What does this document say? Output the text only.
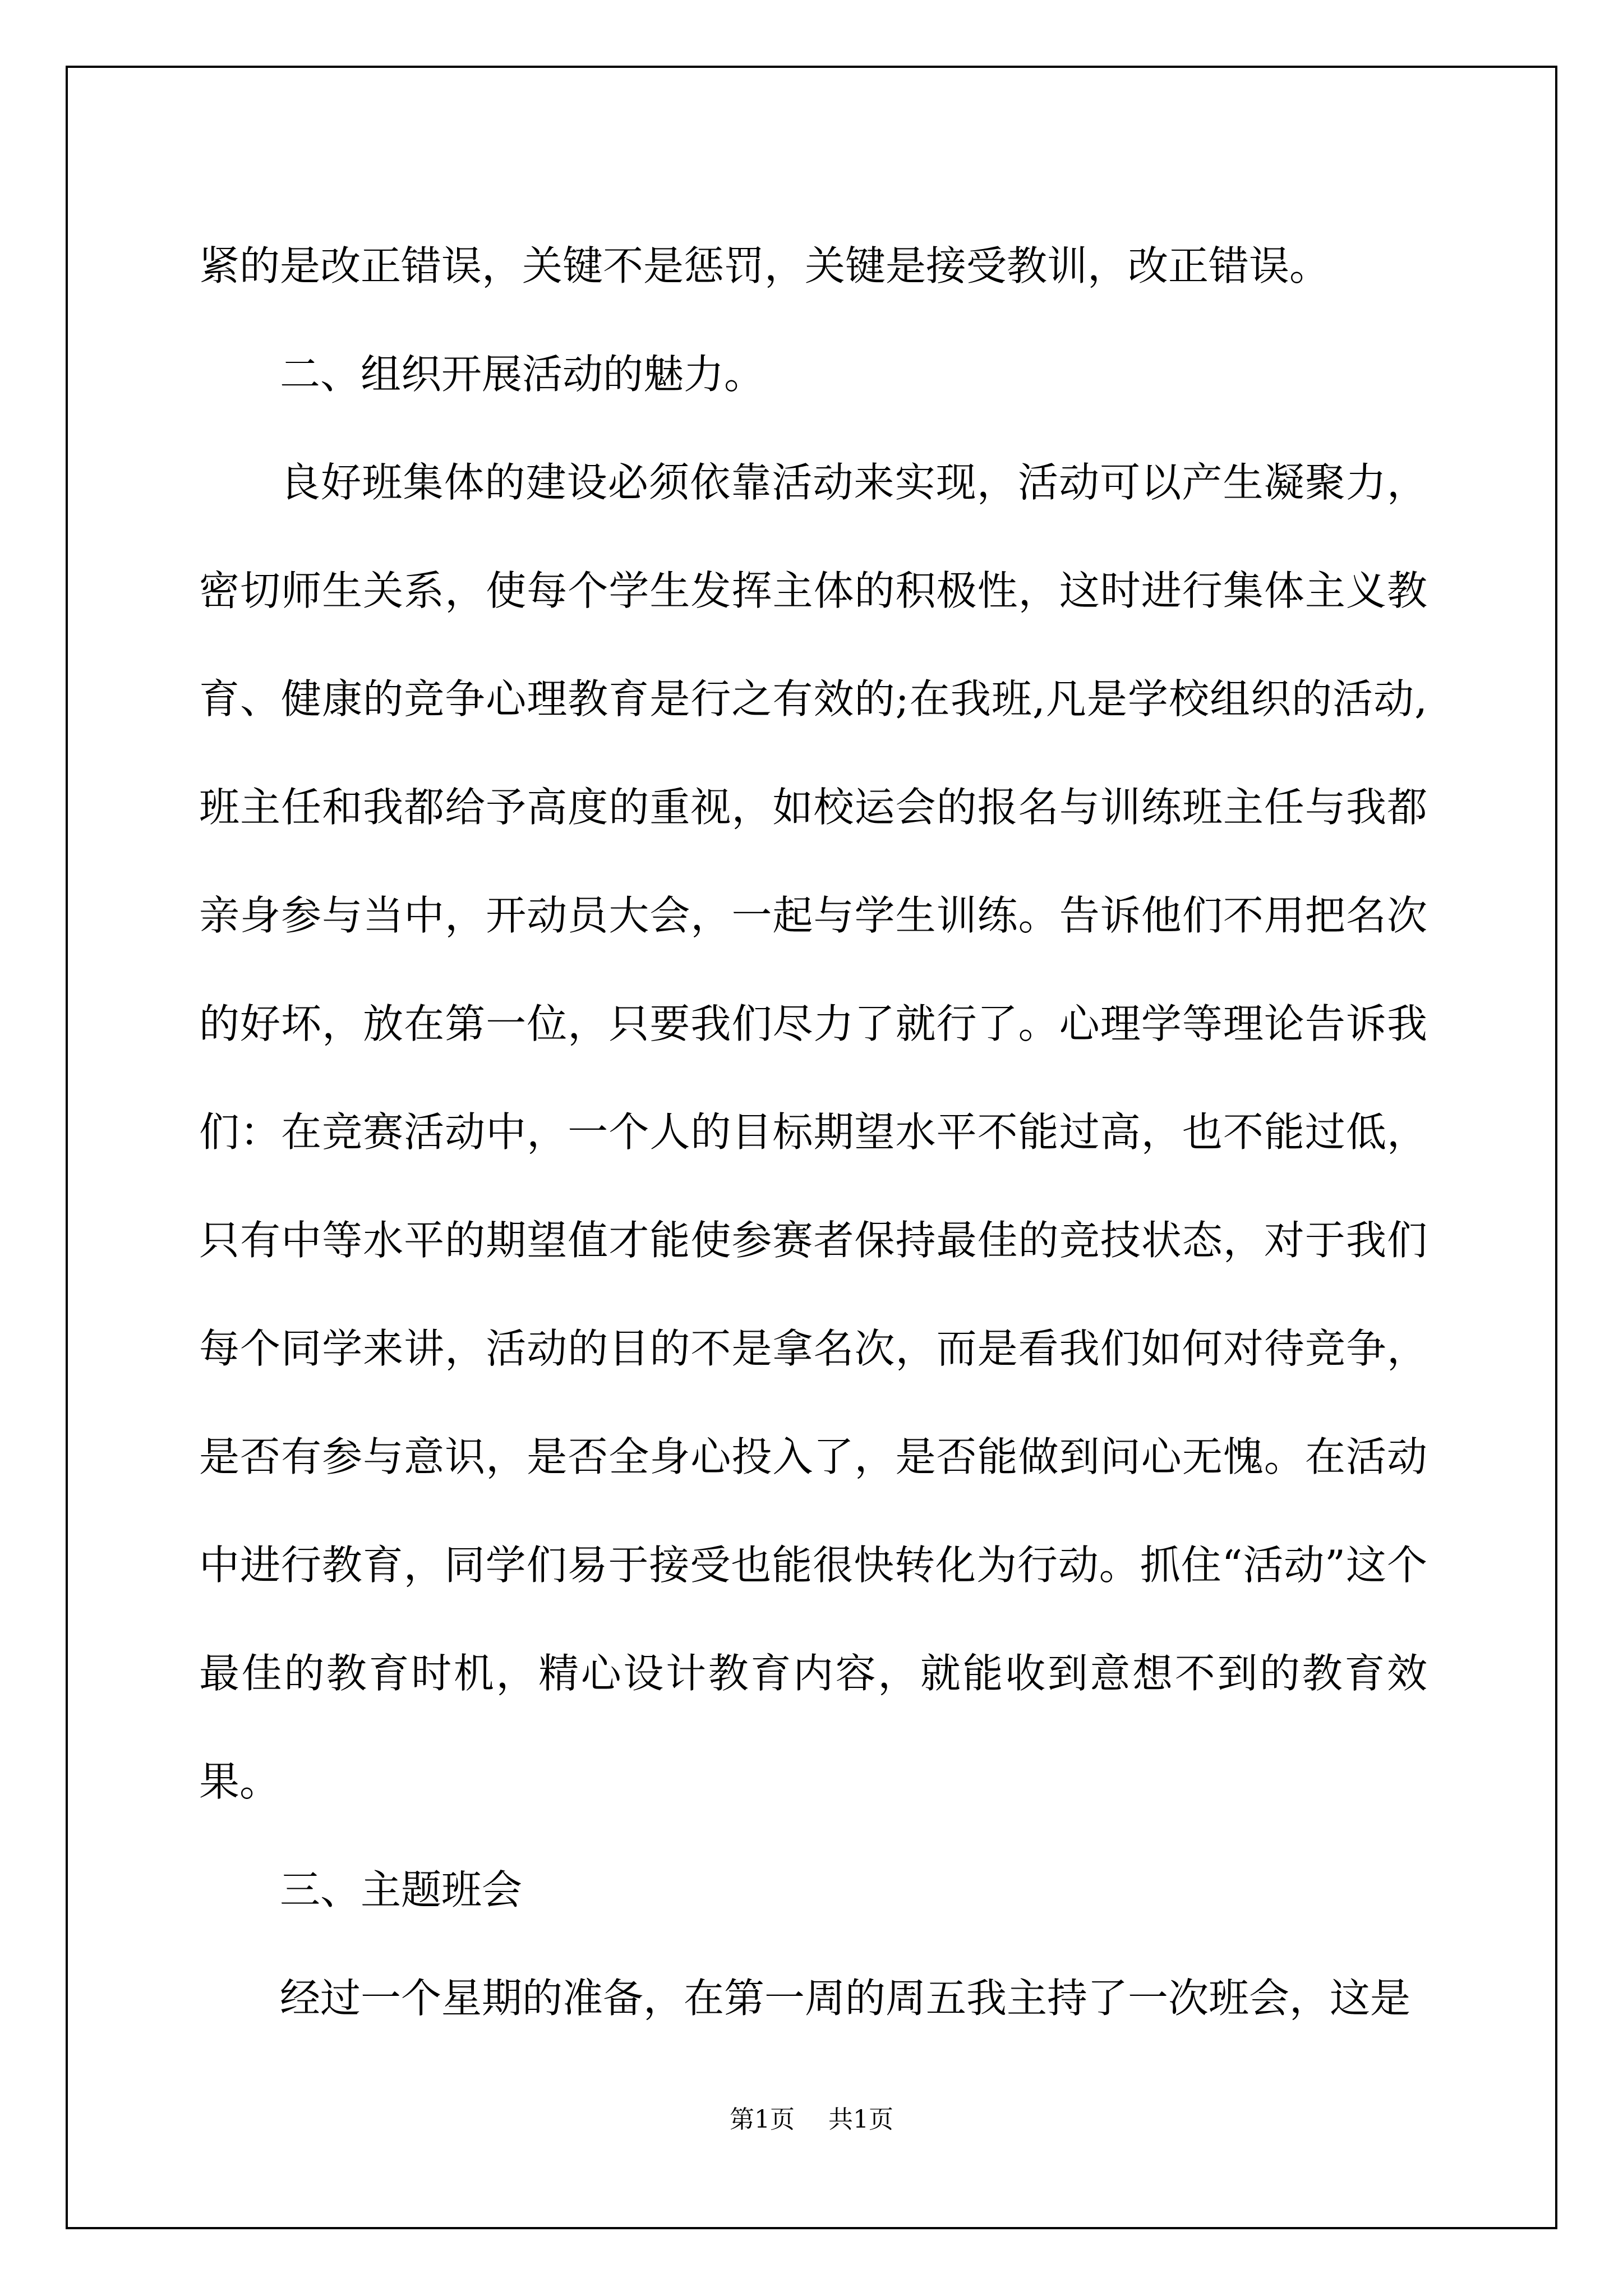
紧的是改正错误，关键不是惩罚，关键是接受教训，改正错误。

二、组织开展活动的魅力。

良好班集体的建设必须依靠活动来实现，活动可以产生凝聚力，密切师生关系，使每个学生发挥主体的积极性，这时进行集体主义教育、健康的竞争心理教育是行之有效的;在我班,凡是学校组织的活动,班主任和我都给予高度的重视，如校运会的报名与训练班主任与我都亲身参与当中，开动员大会，一起与学生训练。告诉他们不用把名次的好坏，放在第一位，只要我们尽力了就行了。心理学等理论告诉我们：在竞赛活动中，一个人的目标期望水平不能过高，也不能过低，只有中等水平的期望值才能使参赛者保持最佳的竞技状态，对于我们每个同学来讲，活动的目的不是拿名次，而是看我们如何对待竞争，是否有参与意识，是否全身心投入了，是否能做到问心无愧。在活动中进行教育，同学们易于接受也能很快转化为行动。抓住“活动”这个最佳的教育时机，精心设计教育内容，就能收到意想不到的教育效果。

三、主题班会

经过一个星期的准备，在第一周的周五我主持了一次班会，这是

第1页 共1页
